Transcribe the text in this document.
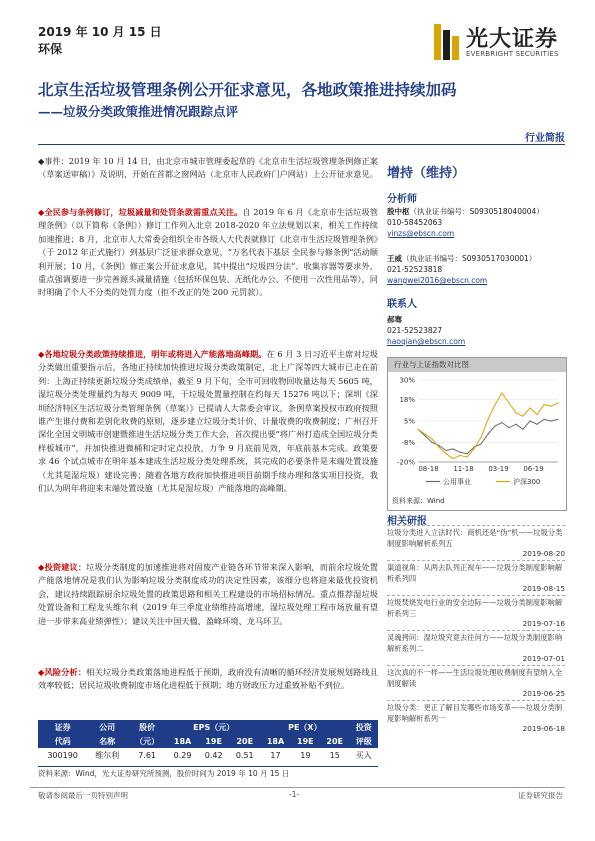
2019 年 10 月 15 日
环保	光大证券
EVERBRIGHT SECURITIES
北京生活垃圾管理条例公开征求意见，各地政策推进持续加码
——垃圾分类政策推进情况跟踪点评
行业简报
◆事件：2019 年 10 月 14 日，由北京市城市管理委起草的《北京市生活垃圾管理条例修正案（草案送审稿）》及说明，开始在首都之窗网站（北京市人民政府门户网站）上公开征求意见。
◆全民参与条例修订，垃圾减量和处罚条款需重点关注。自 2019 年 6 月《北京市生活垃圾管理条例》（以下简称《条例》）修订工作列入北京 2018-2020 年立法规划以来，相关工作持续加速推进；8 月，北京市人大常委会组织全市各级人大代表就修订《北京市生活垃圾管理条例》（于 2012 年正式施行）到基层广泛征求群众意见，“万名代表下基层 全民参与修条例”活动顺利开展；10 月，《条例》修正案公开征求意见，其中提出“垃圾四分法”、收集容器等要求外，重点强调要进一步完善源头减量措施（包括环保包装、无纸化办公、不使用一次性用品等），同时明确了个人不分类的处罚力度（拒不改正的处 200 元罚款）。
◆各地垃圾分类政策持续推进，明年或将进入产能落地高峰期。在 6 月 3 日习近平主席对垃圾分类做出重要指示后，各地正持续加快推进垃圾分类政策制定，北上广深等四大城市已走在前列：上海正持续更新垃圾分类成绩单，截至 9 月下旬，全市可回收物回收量达每天 5605 吨，湿垃圾分类处理量约为每天 9009 吨，干垃圾处置量控制在约每天 15276 吨以下；深圳《深圳经济特区生活垃圾分类管理条例（草案）》已提请人大常委会审议，条例草案授权市政府按照谁产生谁付费和差别化收费的原则，逐步建立垃圾分类计价、计量收费的收费制度；广州召开深化全国文明城市创建暨推进生活垃圾分类工作大会，首次提出要“将广州打造成全国垃圾分类样板城市”，并加快推进微桶和定时定点投放，力争 9 月底前见效，年底前基本完成。政策要求 46 个试点城市在明年基本建成生活垃圾分类处理系统，其完成的必要条件是末端处置设施（尤其是湿垃圾）建设完善；随着各地方政府加快推进项目前期手续办理和落实项目投资，我们认为明年将迎来末端处置设施（尤其是湿垃圾）产能落地的高峰期。
◆投资建议：垃圾分类制度的加速推进将对固废产业链各环节带来深入影响，而前余垃圾处置产能落地情况是我们认为影响垃圾分类制度成功的决定性因素，该细分也将迎来最优投资机会，建议持续跟踪厨余垃圾处置的政策思路和相关工程建设的市场招标情况。重点推荐湿垃圾处置设备和工程龙头维尔利（2019 年三季度业绩维持高增速，湿垃圾处理工程市场放量有望进一步带来高业绩弹性）；建议关注中国天楹、盈峰环境、龙马环卫。
◆风险分析：相关垃圾分类政策落地进程低于预期，政府没有清晰的循环经济发展规划路线且效率较低；居民垃圾收费制度市场化进程低于预期；地方财政压力过重致补贴不到位。
增持（维持）
分析师
殷中枢（执业证书编号：S0930518040004）
010-58452063
yinzs@ebscn.com
王威（执业证书编号：S0930517030001）
021-52523818
wangwei2016@ebscn.com
联系人
郝骞
021-52523827
haoqian@ebscn.com
行业与上证指数对比图
30%
18%
5%
-8%
-20%
08-18 11-18 03-19 06-19
公用事业	沪深300
资料来源：Wind
相关研报
垃圾分类进入立法时代：商机还是“伪”机——垃圾分类制度影响解析系列五
2019-08-20
渠道视角：从两去队列正视车——垃圾分类制度影响解析系列四
2019-08-15
垃圾焚烧发电行业的安全边际——垃圾分类制度影响解析系列三
2019-07-16
灵魂拷问：湿垃圾究竟去往何方——垃圾分类制度影响解析系列二
2019-07-01
这次真的不一样——生活垃圾处理收费制度有望纳入全制度解读
2019-06-25
垃圾分类：更正了解目发哪些市场变革——垃圾分类制度影响解析系列一
2019-06-18
证券	公司	股价	EPS（元）			PE（X）			投资
代码	名称	（元）	18A	19E	20E	18A	19E	20E	评级
300190	维尔利	7.61	0.29	0.42	0.51	17	19	15	买入
资料来源：Wind，光大证券研究所预测，股价时间为 2019 年 10 月 15 日
敬请参阅最后一页特别声明	-1-	证券研究报告
